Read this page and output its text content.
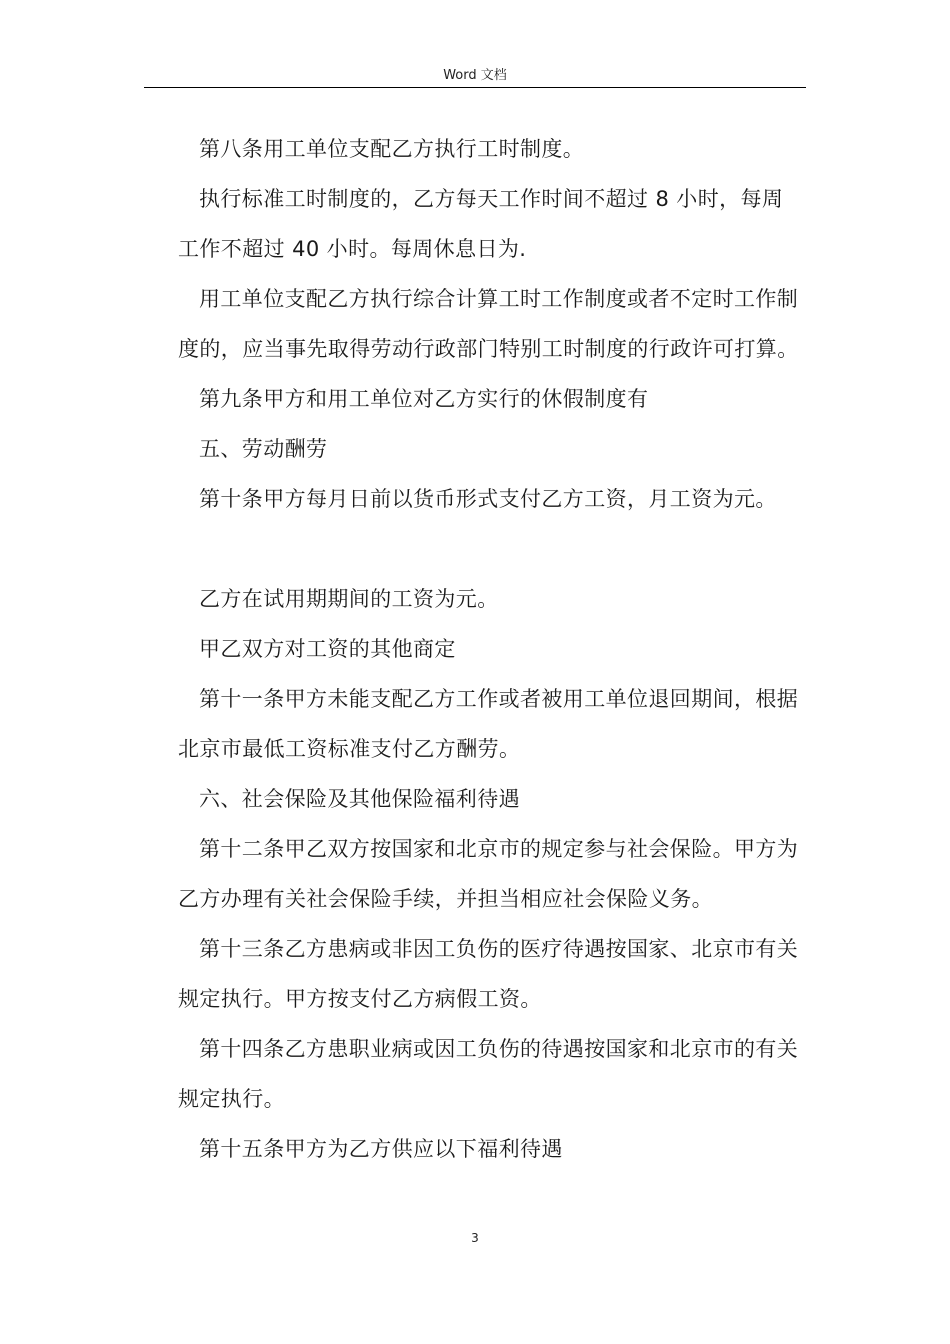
Word 文档

第八条用工单位支配乙方执行工时制度。

执行标准工时制度的，乙方每天工作时间不超过 8 小时，每周工作不超过 40 小时。每周休息日为.

用工单位支配乙方执行综合计算工时工作制度或者不定时工作制度的，应当事先取得劳动行政部门特别工时制度的行政许可打算。

第九条甲方和用工单位对乙方实行的休假制度有

五、劳动酬劳

第十条甲方每月日前以货币形式支付乙方工资，月工资为元。

乙方在试用期期间的工资为元。

甲乙双方对工资的其他商定

第十一条甲方未能支配乙方工作或者被用工单位退回期间，根据北京市最低工资标准支付乙方酬劳。

六、社会保险及其他保险福利待遇

第十二条甲乙双方按国家和北京市的规定参与社会保险。甲方为乙方办理有关社会保险手续，并担当相应社会保险义务。

第十三条乙方患病或非因工负伤的医疗待遇按国家、北京市有关规定执行。甲方按支付乙方病假工资。

第十四条乙方患职业病或因工负伤的待遇按国家和北京市的有关规定执行。

第十五条甲方为乙方供应以下福利待遇

3
